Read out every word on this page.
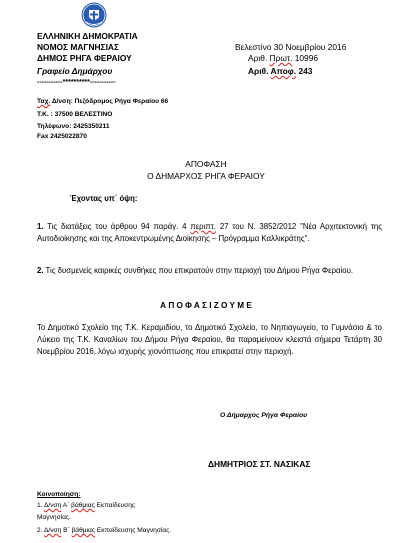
ΕΛΛΗΝΙΚΗ ΔΗΜΟΚΡΑΤΙΑ
ΝΟΜΟΣ ΜΑΓΝΗΣΙΑΣ
ΔΗΜΟΣ ΡΗΓΑ ΦΕΡΑΙΟΥ
Γραφείο Δημάρχου
-----------**********-----------
Βελεστίνο 30 Νοεμβρίου 2016
Αριθ. Πρωτ. 10996
Αριθ. Αποφ. 243
Ταχ. Δ/νση: Πεζόδρομος Ρήγα Φεραίου 66
Τ.Κ. : 37500 ΒΕΛΕΣΤΙΝΟ
Τηλέφωνο: 2425350211
Fax 2425022870
ΑΠΟΦΑΣΗ
Ο ΔΗΜΑΡΧΟΣ ΡΗΓΑ ΦΕΡΑΙΟΥ
Έχοντας υπ΄ όψη:
1. Τις διατάξεις του άρθρου 94 παράγ. 4 περιπτ. 27 του Ν. 3852/2012 "Νέα Αρχιτεκτονική της Αυτοδιοίκησης και της Αποκεντρωμένης Διοίκησης – Πρόγραμμα Καλλικράτης".
2. Τις δυσμενείς καιρικές συνθήκες που επικρατούν στην περιοχή του Δήμου Ρήγα Φεραίου.
Α Π Ο Φ Α Σ Ι Ζ Ο Υ Μ Ε
Το Δημοτικό Σχολείο της Τ.Κ. Κεραμιδίου, το Δημοτικό Σχολείο, το Νηπιαγωγείο, το Γυμνάσιο & το Λύκειο της Τ.Κ. Καναλίων του Δήμου Ρήγα Φεραίου, θα παραμείνουν κλειστά σήμερα Τετάρτη 30 Νοεμβρίου 2016, λόγω ισχυρής χιονόπτωσης που επικρατεί στην περιοχή.
Ο Δήμαρχος Ρήγα Φεραίου
ΔΗΜΗΤΡΙΟΣ ΣΤ. ΝΑΣΙΚΑΣ
Κοινοποίηση:
1. Δ/νση Α΄ βάθμιας Εκπαίδευσης
Μαγνησίας.
2. Δ/νση Β΄ βάθμιας Εκπαίδευσης Μαγνησίας.
